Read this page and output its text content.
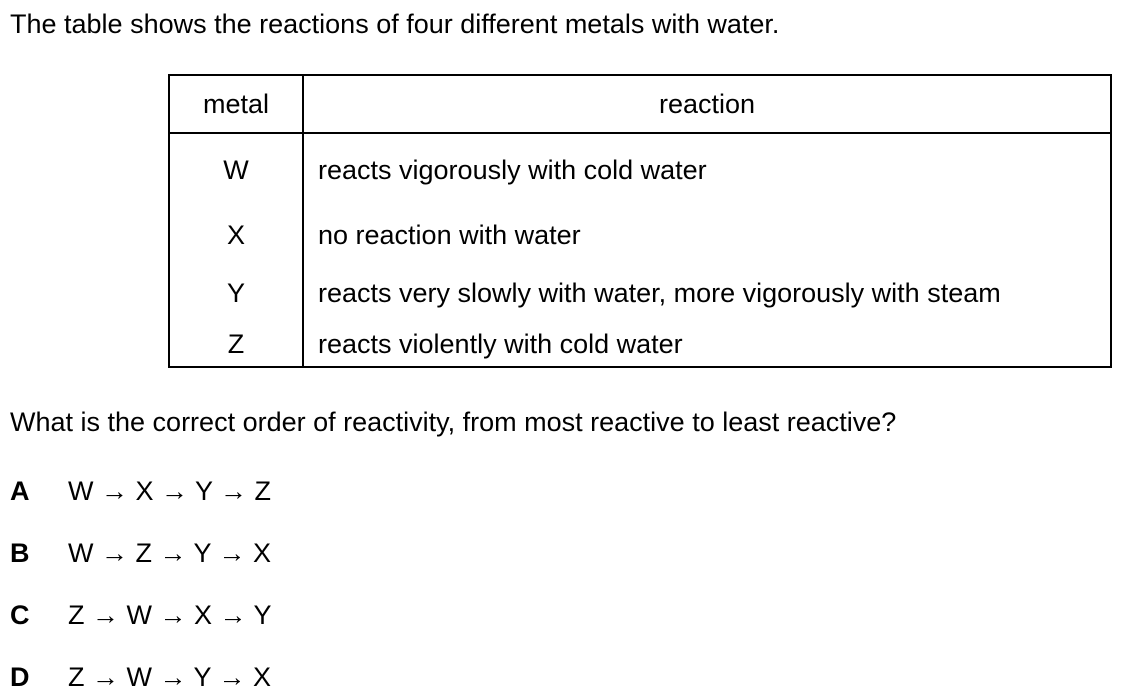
The table shows the reactions of four different metals with water.
metal	reaction
W	reacts vigorously with cold water
X	no reaction with water
Y	reacts very slowly with water, more vigorously with steam
Z	reacts violently with cold water
What is the correct order of reactivity, from most reactive to least reactive?
A W → X → Y → Z
B W → Z → Y → X
C Z → W → X → Y
D Z → W → Y → X
